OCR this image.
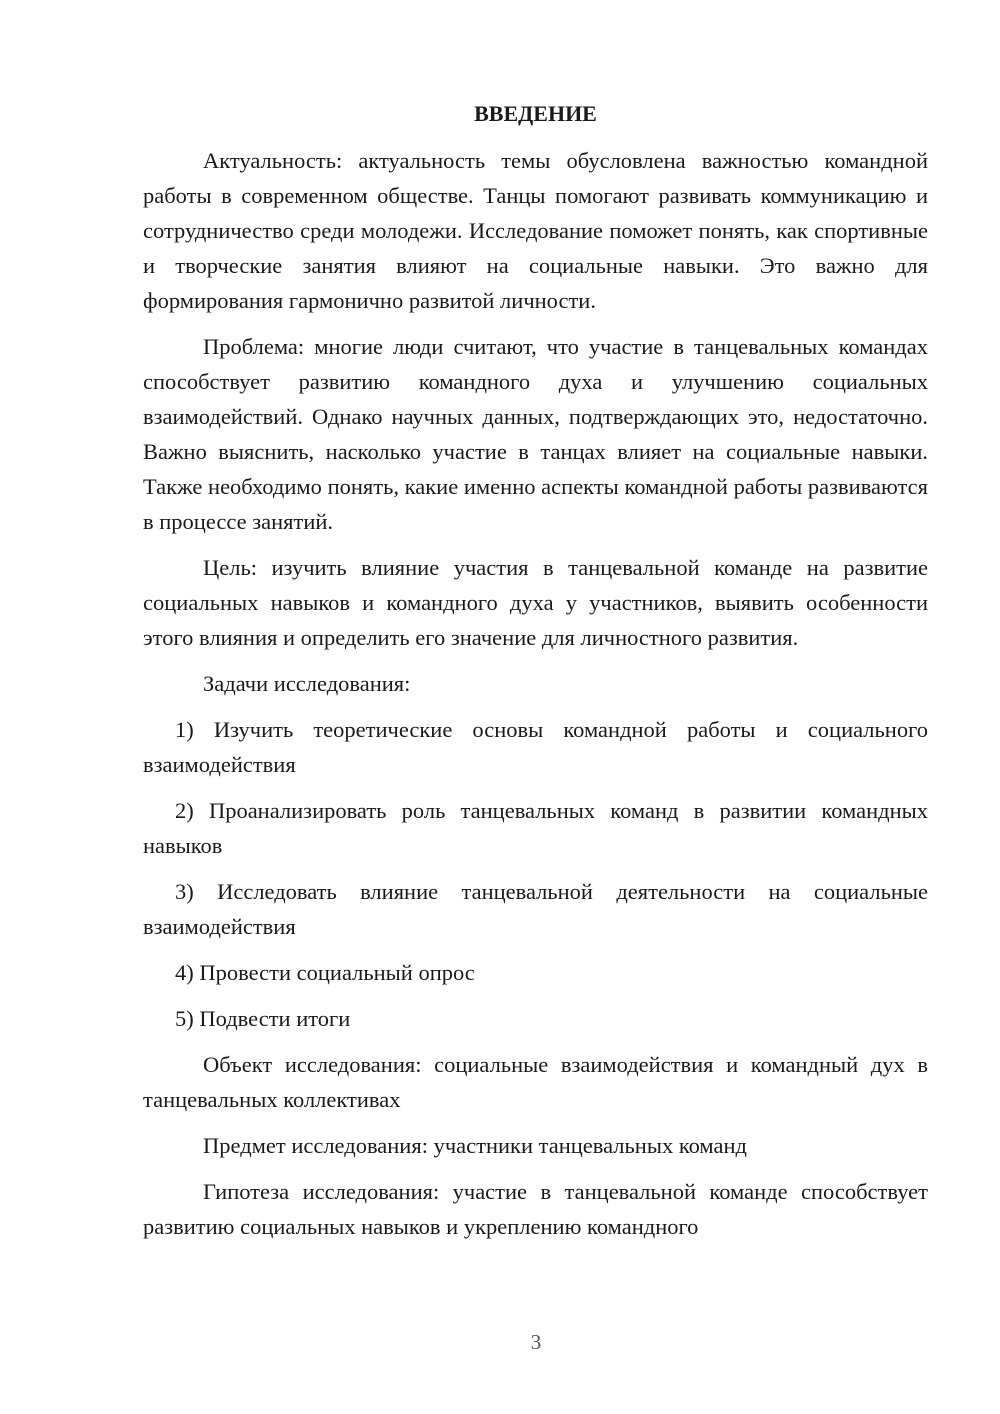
ВВЕДЕНИЕ

Актуальность: актуальность темы обусловлена важностью командной работы в современном обществе. Танцы помогают развивать коммуникацию и сотрудничество среди молодежи. Исследование поможет понять, как спортивные и творческие занятия влияют на социальные навыки. Это важно для формирования гармонично развитой личности.

Проблема: многие люди считают, что участие в танцевальных командах способствует развитию командного духа и улучшению социальных взаимодействий. Однако научных данных, подтверждающих это, недостаточно. Важно выяснить, насколько участие в танцах влияет на социальные навыки. Также необходимо понять, какие именно аспекты командной работы развиваются в процессе занятий.

Цель: изучить влияние участия в танцевальной команде на развитие социальных навыков и командного духа у участников, выявить особенности этого влияния и определить его значение для личностного развития.

Задачи исследования:

1) Изучить теоретические основы командной работы и социального взаимодействия

2) Проанализировать роль танцевальных команд в развитии командных навыков

3) Исследовать влияние танцевальной деятельности на социальные взаимодействия

4) Провести социальный опрос

5) Подвести итоги

Объект исследования: социальные взаимодействия и командный дух в танцевальных коллективах

Предмет исследования: участники танцевальных команд

Гипотеза исследования: участие в танцевальной команде способствует развитию социальных навыков и укреплению командного

3
